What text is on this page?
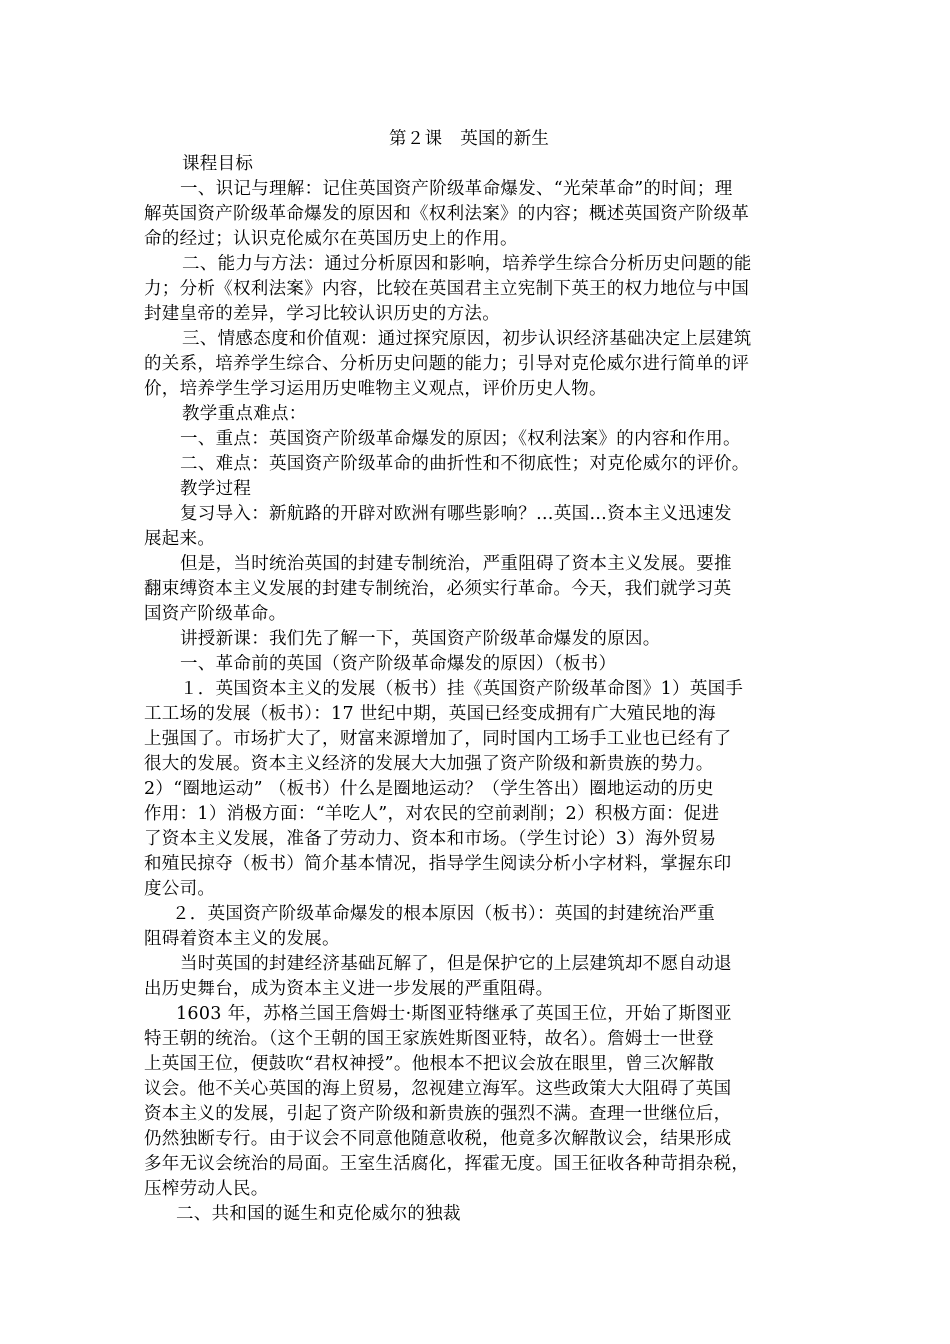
第２课　英国的新生
课程目标
一、识记与理解：记住英国资产阶级革命爆发、“光荣革命”的时间；理
解英国资产阶级革命爆发的原因和《权利法案》的内容；概述英国资产阶级革
命的经过；认识克伦威尔在英国历史上的作用。
二、能力与方法：通过分析原因和影响，培养学生综合分析历史问题的能
力；分析《权利法案》内容，比较在英国君主立宪制下英王的权力地位与中国
封建皇帝的差异，学习比较认识历史的方法。
三、情感态度和价值观：通过探究原因，初步认识经济基础决定上层建筑
的关系，培养学生综合、分析历史问题的能力；引导对克伦威尔进行简单的评
价，培养学生学习运用历史唯物主义观点，评价历史人物。
教学重点难点：
一、重点：英国资产阶级革命爆发的原因；《权利法案》的内容和作用。
二、难点：英国资产阶级革命的曲折性和不彻底性；对克伦威尔的评价。
教学过程
复习导入：新航路的开辟对欧洲有哪些影响？…英国…资本主义迅速发
展起来。
但是，当时统治英国的封建专制统治，严重阻碍了资本主义发展。要推
翻束缚资本主义发展的封建专制统治，必须实行革命。今天，我们就学习英
国资产阶级革命。
讲授新课：我们先了解一下，英国资产阶级革命爆发的原因。
一、革命前的英国（资产阶级革命爆发的原因）（板书）
１．英国资本主义的发展（板书）挂《英国资产阶级革命图》1）英国手
工工场的发展（板书）：17 世纪中期，英国已经变成拥有广大殖民地的海
上强国了。市场扩大了，财富来源增加了，同时国内工场手工业也已经有了
很大的发展。资本主义经济的发展大大加强了资产阶级和新贵族的势力。
2）“圈地运动” （板书）什么是圈地运动？（学生答出）圈地运动的历史
作用：1）消极方面：“羊吃人”，对农民的空前剥削；2）积极方面：促进
了资本主义发展，准备了劳动力、资本和市场。（学生讨论）3）海外贸易
和殖民掠夺（板书）简介基本情况，指导学生阅读分析小字材料，掌握东印
度公司。
２．英国资产阶级革命爆发的根本原因（板书）：英国的封建统治严重
阻碍着资本主义的发展。
当时英国的封建经济基础瓦解了，但是保护它的上层建筑却不愿自动退
出历史舞台，成为资本主义进一步发展的严重阻碍。
1603 年，苏格兰国王詹姆士·斯图亚特继承了英国王位，开始了斯图亚
特王朝的统治。（这个王朝的国王家族姓斯图亚特，故名）。詹姆士一世登
上英国王位，便鼓吹“君权神授”。他根本不把议会放在眼里，曾三次解散
议会。他不关心英国的海上贸易，忽视建立海军。这些政策大大阻碍了英国
资本主义的发展，引起了资产阶级和新贵族的强烈不满。查理一世继位后，
仍然独断专行。由于议会不同意他随意收税，他竟多次解散议会，结果形成
多年无议会统治的局面。王室生活腐化，挥霍无度。国王征收各种苛捐杂税，
压榨劳动人民。
二、共和国的诞生和克伦威尔的独裁
